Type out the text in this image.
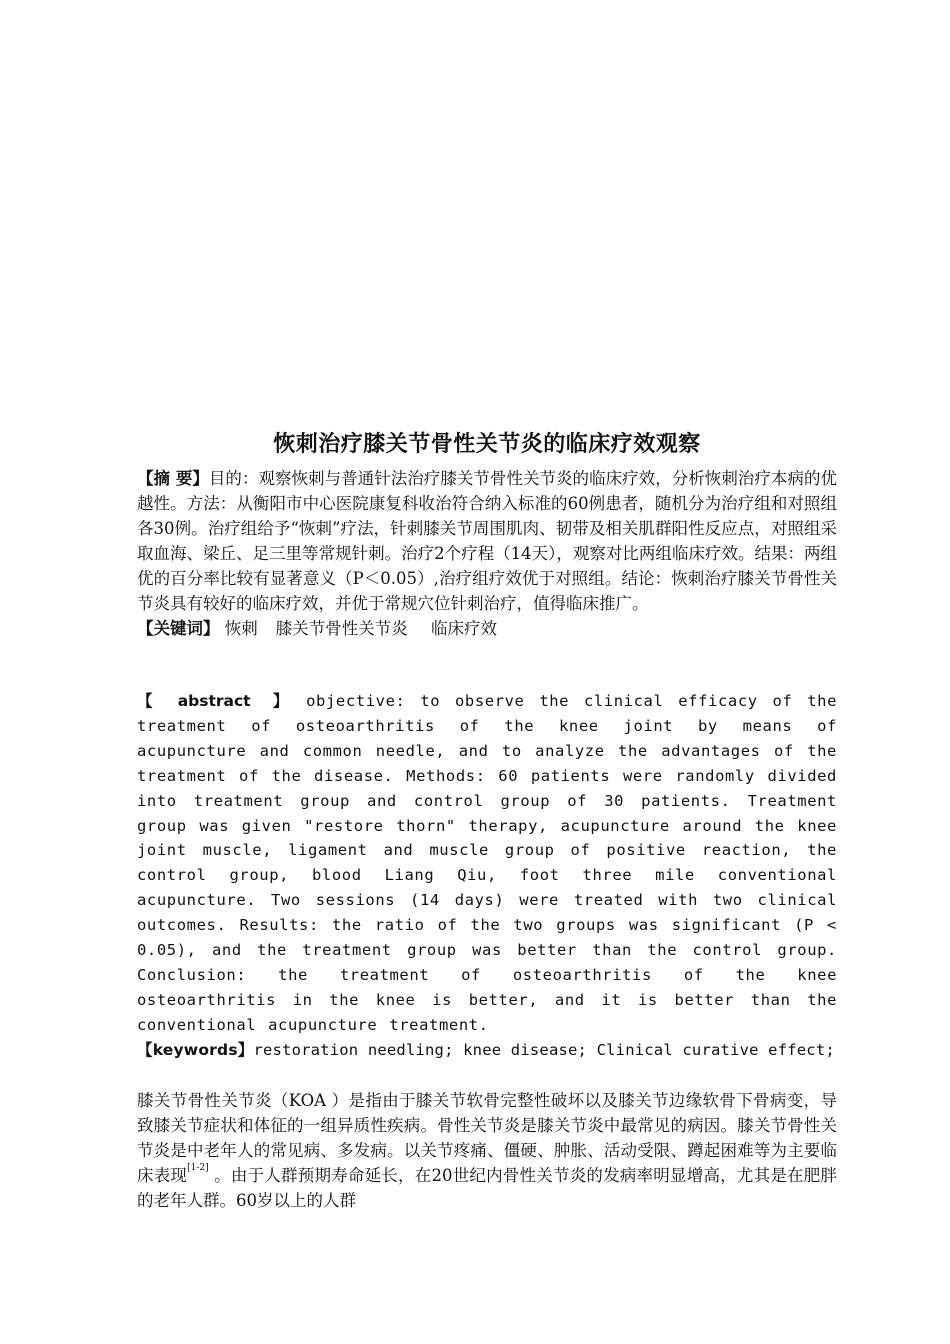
恢刺治疗膝关节骨性关节炎的临床疗效观察

【摘 要】目的：观察恢刺与普通针法治疗膝关节骨性关节炎的临床疗效，分析恢刺治疗本病的优越性。方法：从衡阳市中心医院康复科收治符合纳入标准的60例患者，随机分为治疗组和对照组各30例。治疗组给予“恢刺”疗法，针刺膝关节周围肌肉、韧带及相关肌群阳性反应点，对照组采取血海、梁丘、足三里等常规针刺。治疗2个疗程（14天），观察对比两组临床疗效。结果：两组优的百分率比较有显著意义（P＜0.05）,治疗组疗效优于对照组。结论：恢刺治疗膝关节骨性关节炎具有较好的临床疗效，并优于常规穴位针刺治疗，值得临床推广。

【关键词】 恢刺 膝关节骨性关节炎 临床疗效

【 abstract 】 objective: to observe the clinical efficacy of the treatment of osteoarthritis of the knee joint by means of acupuncture and common needle, and to analyze the advantages of the treatment of the disease. Methods: 60 patients were randomly divided into treatment group and control group of 30 patients. Treatment group was given "restore thorn" therapy, acupuncture around the knee joint muscle, ligament and muscle group of positive reaction, the control group, blood Liang Qiu, foot three mile conventional acupuncture. Two sessions (14 days) were treated with two clinical outcomes. Results: the ratio of the two groups was significant (P < 0.05), and the treatment group was better than the control group. Conclusion: the treatment of osteoarthritis of the knee osteoarthritis in the knee is better, and it is better than the conventional acupuncture treatment.

【keywords】restoration needling; knee disease; Clinical curative effect;

膝关节骨性关节炎（KOA ）是指由于膝关节软骨完整性破坏以及膝关节边缘软骨下骨病变，导致膝关节症状和体征的一组异质性疾病。骨性关节炎是膝关节炎中最常见的病因。膝关节骨性关节炎是中老年人的常见病、多发病。以关节疼痛、僵硬、肿胀、活动受限、蹲起困难等为主要临床表现[1-2] 。由于人群预期寿命延长，在20世纪内骨性关节炎的发病率明显增高，尤其是在肥胖的老年人群。60岁以上的人群
